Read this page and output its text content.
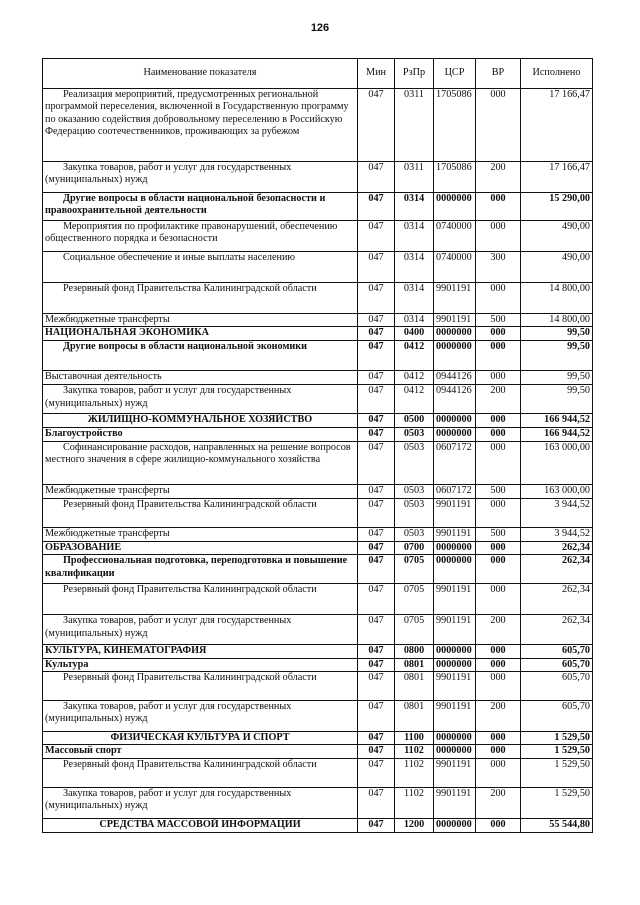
126
Наименование показателя	Мин	РзПр	ЦСР	ВР	Исполнено
Реализация мероприятий, предусмотренных региональной программой переселения, включенной в Государственную программу по оказанию содействия добровольному переселению в Российскую Федерацию соотечественников, проживающих за рубежом	047	0311	1705086	000	17 166,47
Закупка товаров, работ и услуг для государственных (муниципальных) нужд	047	0311	1705086	200	17 166,47
Другие вопросы в области национальной безопасности и правоохранительной деятельности	047	0314	0000000	000	15 290,00
Мероприятия по профилактике правонарушений, обеспечению общественного порядка и безопасности	047	0314	0740000	000	490,00
Социальное обеспечение и иные выплаты населению	047	0314	0740000	300	490,00
Резервный фонд Правительства Калининградской области	047	0314	9901191	000	14 800,00
Межбюджетные трансферты	047	0314	9901191	500	14 800,00
НАЦИОНАЛЬНАЯ ЭКОНОМИКА	047	0400	0000000	000	99,50
Другие вопросы в области национальной экономики	047	0412	0000000	000	99,50
Выставочная деятельность	047	0412	0944126	000	99,50
Закупка товаров, работ и услуг для государственных (муниципальных) нужд	047	0412	0944126	200	99,50
ЖИЛИЩНО-КОММУНАЛЬНОЕ ХОЗЯЙСТВО	047	0500	0000000	000	166 944,52
Благоустройство	047	0503	0000000	000	166 944,52
Софинансирование расходов, направленных на решение вопросов местного значения в сфере жилищно-коммунального хозяйства	047	0503	0607172	000	163 000,00
Межбюджетные трансферты	047	0503	0607172	500	163 000,00
Резервный фонд Правительства Калининградской области	047	0503	9901191	000	3 944,52
Межбюджетные трансферты	047	0503	9901191	500	3 944,52
ОБРАЗОВАНИЕ	047	0700	0000000	000	262,34
Профессиональная подготовка, переподготовка и повышение квалификации	047	0705	0000000	000	262,34
Резервный фонд Правительства Калининградской области	047	0705	9901191	000	262,34
Закупка товаров, работ и услуг для государственных (муниципальных) нужд	047	0705	9901191	200	262,34
КУЛЬТУРА, КИНЕМАТОГРАФИЯ	047	0800	0000000	000	605,70
Культура	047	0801	0000000	000	605,70
Резервный фонд Правительства Калининградской области	047	0801	9901191	000	605,70
Закупка товаров, работ и услуг для государственных (муниципальных) нужд	047	0801	9901191	200	605,70
ФИЗИЧЕСКАЯ КУЛЬТУРА И СПОРТ	047	1100	0000000	000	1 529,50
Массовый спорт	047	1102	0000000	000	1 529,50
Резервный фонд Правительства Калининградской области	047	1102	9901191	000	1 529,50
Закупка товаров, работ и услуг для государственных (муниципальных) нужд	047	1102	9901191	200	1 529,50
СРЕДСТВА МАССОВОЙ ИНФОРМАЦИИ	047	1200	0000000	000	55 544,80
